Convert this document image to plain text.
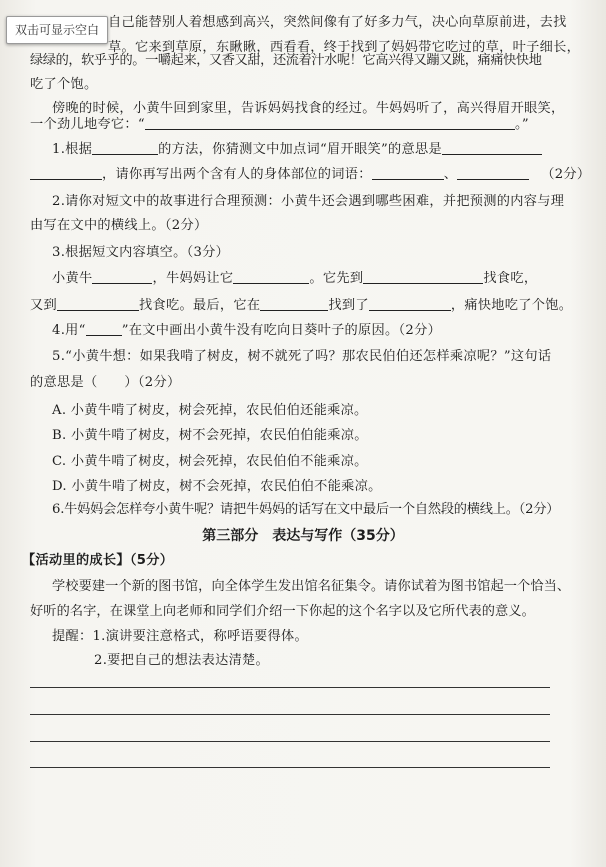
双击可显示空白 自己能替别人着想感到高兴，突然间像有了好多力气，决心向草原前进，去找
草。它来到草原，东瞅瞅，西看看，终于找到了妈妈带它吃过的草，叶子细长，
绿绿的，软乎乎的。一嚼起来，又香又甜，还流着汁水呢！它高兴得又蹦又跳，痛痛快快地
吃了个饱。
傍晚的时候，小黄牛回到家里，告诉妈妈找食的经过。牛妈妈听了，高兴得眉开眼笑，
一个劲儿地夸它：“	。”
1.根据	的方法，你猜测文中加点词“眉开眼笑”的意思是
，请你再写出两个含有人的身体部位的词语：	、	（2分）
2.请你对短文中的故事进行合理预测：小黄牛还会遇到哪些困难，并把预测的内容与理
由写在文中的横线上。（2分）
3.根据短文内容填空。（3分）
小黄牛	，牛妈妈让它	。它先到	找食吃，
又到	找食吃。最后，它在	找到了	，痛快地吃了个饱。
4.用“	”在文中画出小黄牛没有吃向日葵叶子的原因。（2分）
5.“小黄牛想：如果我啃了树皮，树不就死了吗？那农民伯伯还怎样乘凉呢？”这句话
的意思是（　　）（2分）
A. 小黄牛啃了树皮，树会死掉，农民伯伯还能乘凉。
B. 小黄牛啃了树皮，树不会死掉，农民伯伯能乘凉。
C. 小黄牛啃了树皮，树会死掉，农民伯伯不能乘凉。
D. 小黄牛啃了树皮，树不会死掉，农民伯伯不能乘凉。
6.牛妈妈会怎样夸小黄牛呢？请把牛妈妈的话写在文中最后一个自然段的横线上。（2分）
第三部分　表达与写作（35分）
【活动里的成长】（5分）
学校要建一个新的图书馆，向全体学生发出馆名征集令。请你试着为图书馆起一个恰当、
好听的名字，在课堂上向老师和同学们介绍一下你起的这个名字以及它所代表的意义。
提醒：1.演讲要注意格式，称呼语要得体。
2.要把自己的想法表达清楚。
